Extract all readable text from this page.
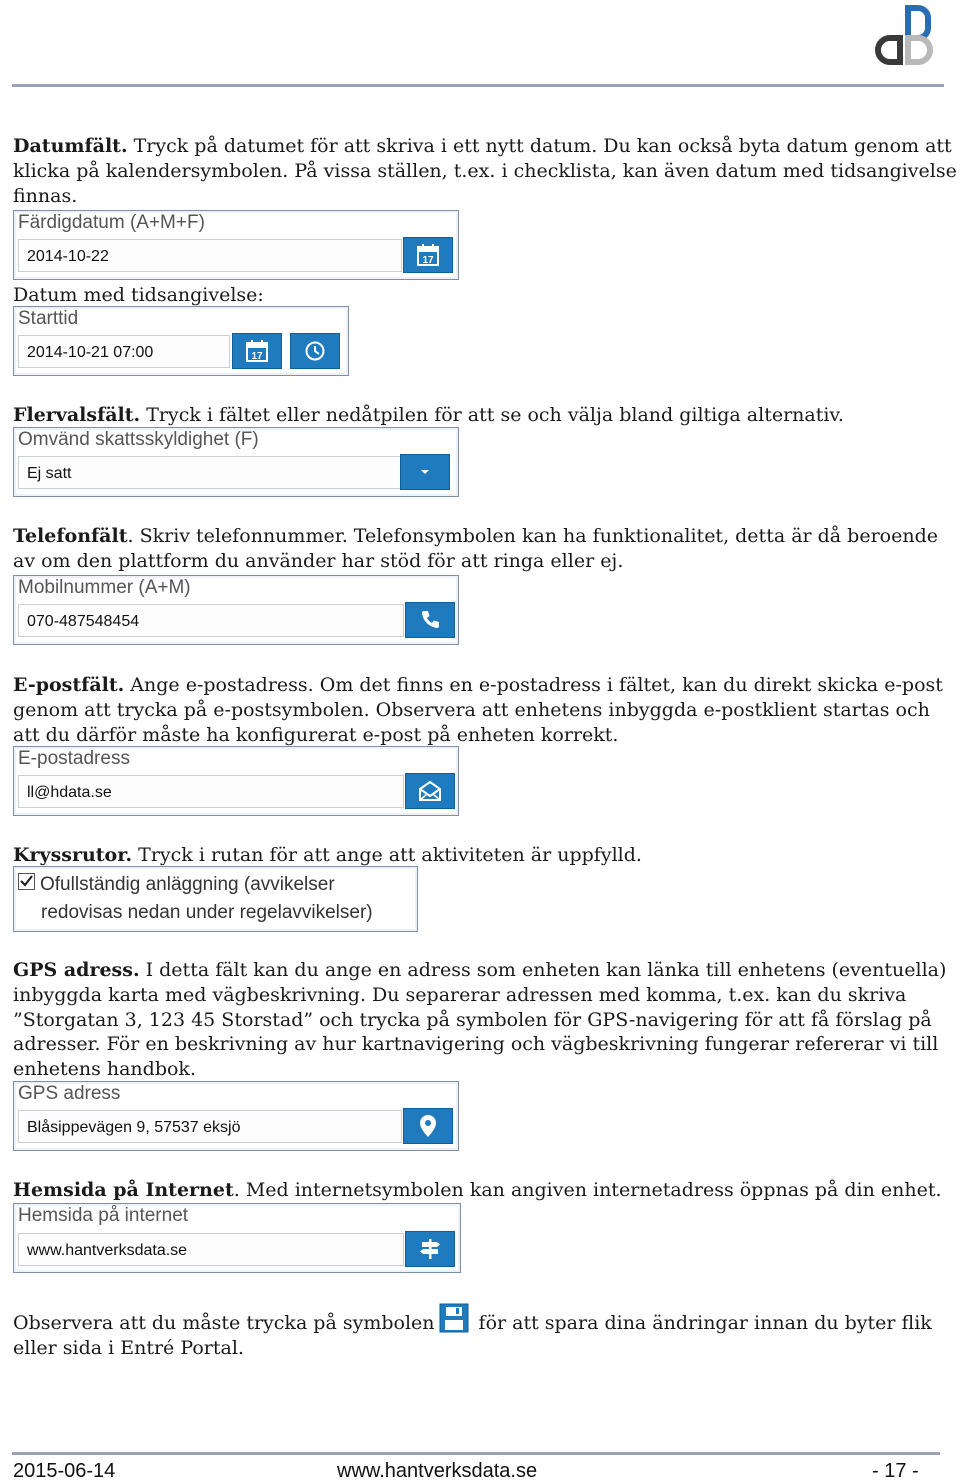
Datumfält. Tryck på datumet för att skriva i ett nytt datum. Du kan också byta datum genom att klicka på kalendersymbolen. På vissa ställen, t.ex. i checklista, kan även datum med tidsangivelse finnas.

Färdigdatum (A+M+F)
2014-10-22	17

Datum med tidsangivelse:

Starttid
2014-10-21 07:00	17

Flervalsfält. Tryck i fältet eller nedåtpilen för att se och välja bland giltiga alternativ.

Omvänd skattsskyldighet (F)
Ej satt

Telefonfält. Skriv telefonnummer. Telefonsymbolen kan ha funktionalitet, detta är då beroende av om den plattform du använder har stöd för att ringa eller ej.

Mobilnummer (A+M)
070-487548454

E-postfält. Ange e-postadress. Om det finns en e-postadress i fältet, kan du direkt skicka e-post genom att trycka på e-postsymbolen. Observera att enhetens inbyggda e-postklient startas och att du därför måste ha konfigurerat e-post på enheten korrekt.

E-postadress
ll@hdata.se

Kryssrutor. Tryck i rutan för att ange att aktiviteten är uppfylld.

Ofullständig anläggning (avvikelser
redovisas nedan under regelavvikelser)

GPS adress. I detta fält kan du ange en adress som enheten kan länka till enhetens (eventuella) inbyggda karta med vägbeskrivning. Du separerar adressen med komma, t.ex. kan du skriva ”Storgatan 3, 123 45 Storstad” och trycka på symbolen för GPS-navigering för att få förslag på adresser. För en beskrivning av hur kartnavigering och vägbeskrivning fungerar refererar vi till enhetens handbok.

GPS adress
Blåsippevägen 9, 57537 eksjö

Hemsida på Internet. Med internetsymbolen kan angiven internetadress öppnas på din enhet.

Hemsida på internet
www.hantverksdata.se

Observera att du måste trycka på symbolen för att spara dina ändringar innan du byter flik eller sida i Entré Portal.

2015-06-14	www.hantverksdata.se	- 17 -
